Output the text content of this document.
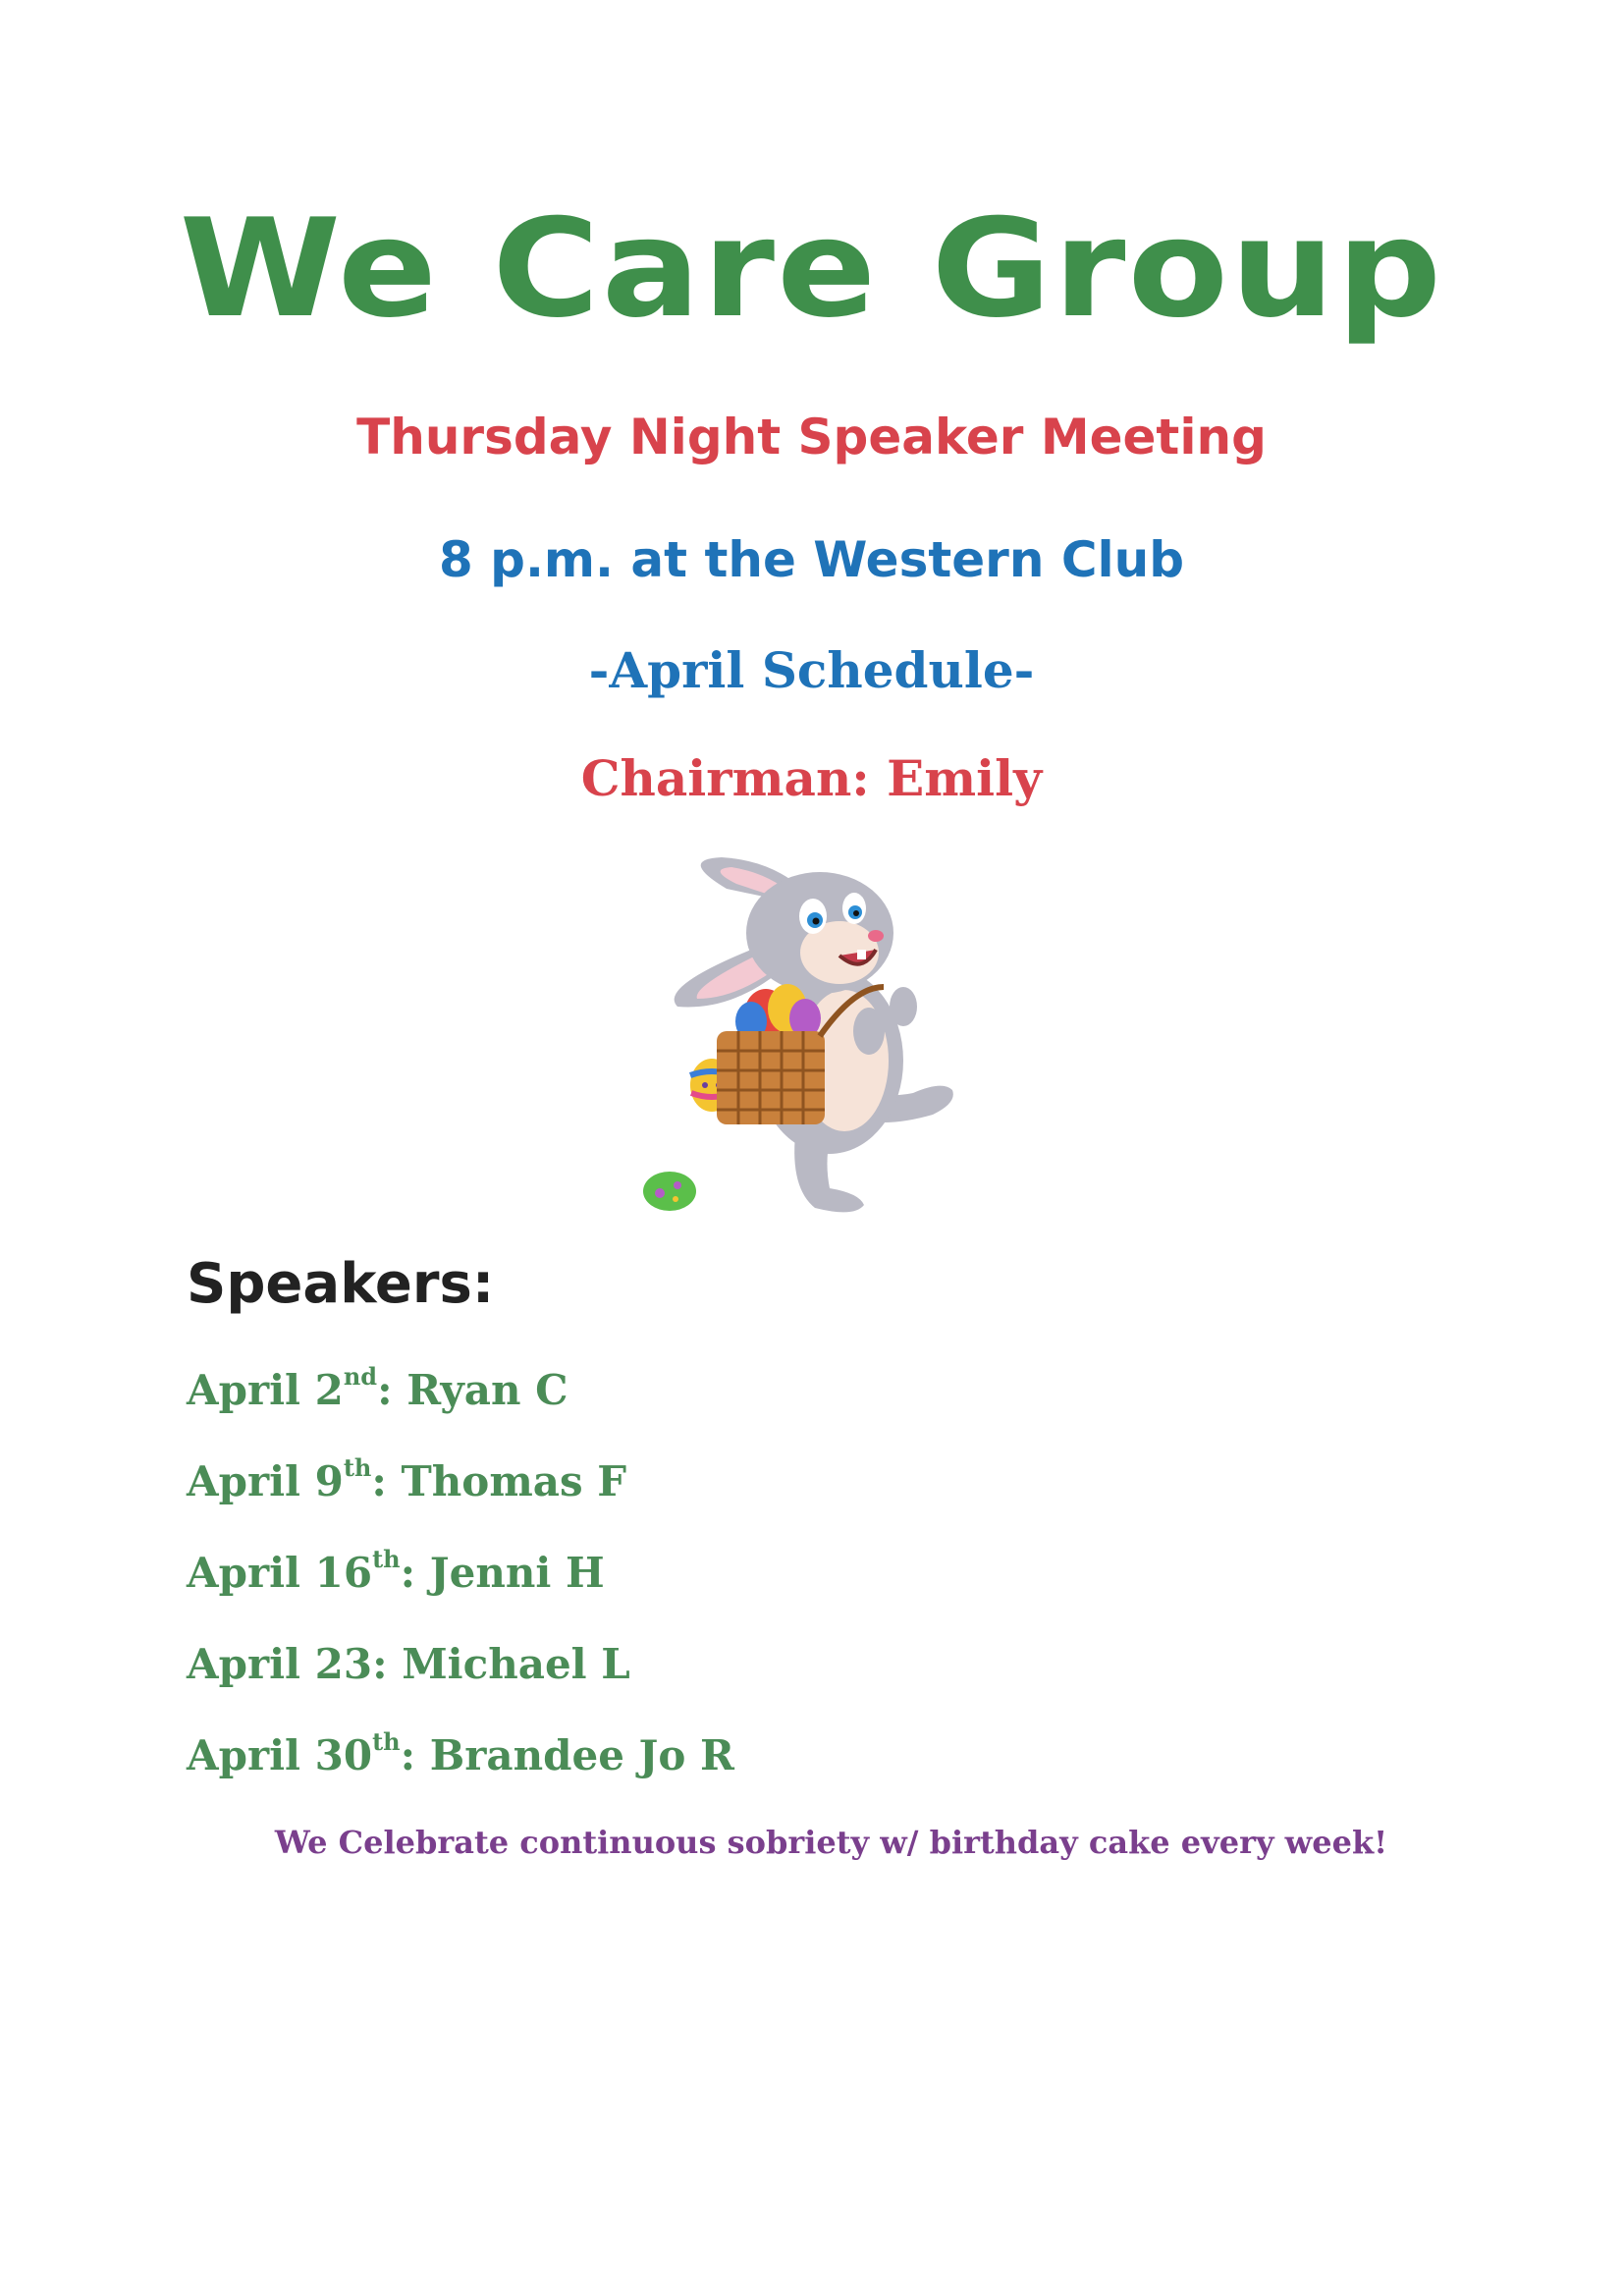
We Care Group
Thursday Night Speaker Meeting
8 p.m. at the Western Club
-April Schedule-
Chairman: Emily
Speakers:
April 2nd: Ryan C
April 9th: Thomas F
April 16th: Jenni H
April 23: Michael L
April 30th: Brandee Jo R
We Celebrate continuous sobriety w/ birthday cake every week!
